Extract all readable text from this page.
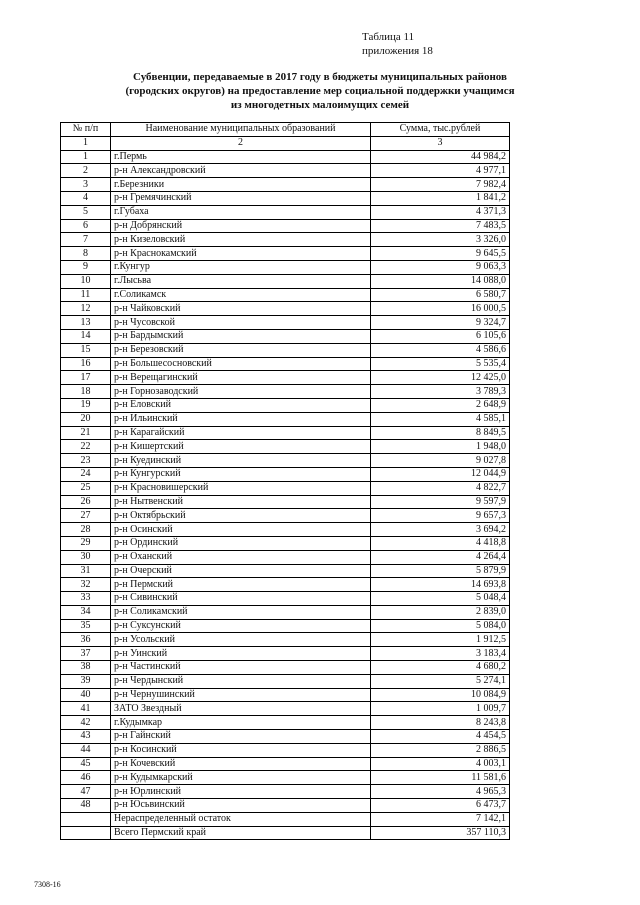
Таблица 11
приложения 18
Субвенции, передаваемые в 2017 году в бюджеты муниципальных районов
(городских округов) на предоставление мер социальной поддержки учащимся
из многодетных малоимущих семей
№ п/п	Наименование муниципальных образований	Сумма, тыс.рублей
1	2	3
1	г.Пермь	44 984,2
2	р-н Александровский	4 977,1
3	г.Березники	7 982,4
4	р-н Гремячинский	1 841,2
5	г.Губаха	4 371,3
6	р-н Добрянский	7 483,5
7	р-н Кизеловский	3 326,0
8	р-н Краснокамский	9 645,5
9	г.Кунгур	9 063,3
10	г.Лысьва	14 088,0
11	г.Соликамск	6 580,7
12	р-н Чайковский	16 000,5
13	р-н Чусовской	9 324,7
14	р-н Бардымский	6 105,6
15	р-н Березовский	4 586,6
16	р-н Большесосновский	5 535,4
17	р-н Верещагинский	12 425,0
18	р-н Горнозаводский	3 789,3
19	р-н Еловский	2 648,9
20	р-н Ильинский	4 585,1
21	р-н Карагайский	8 849,5
22	р-н Кишертский	1 948,0
23	р-н Куединский	9 027,8
24	р-н Кунгурский	12 044,9
25	р-н Красновишерский	4 822,7
26	р-н Нытвенский	9 597,9
27	р-н Октябрьский	9 657,3
28	р-н Осинский	3 694,2
29	р-н Ординский	4 418,8
30	р-н Оханский	4 264,4
31	р-н Очерский	5 879,9
32	р-н Пермский	14 693,8
33	р-н Сивинский	5 048,4
34	р-н Соликамский	2 839,0
35	р-н Суксунский	5 084,0
36	р-н Усольский	1 912,5
37	р-н Уинский	3 183,4
38	р-н Частинский	4 680,2
39	р-н Чердынский	5 274,1
40	р-н Чернушинский	10 084,9
41	ЗАТО Звездный	1 009,7
42	г.Кудымкар	8 243,8
43	р-н Гайнский	4 454,5
44	р-н Косинский	2 886,5
45	р-н Кочевский	4 003,1
46	р-н Кудымкарский	11 581,6
47	р-н Юрлинский	4 965,3
48	р-н Юсьвинский	6 473,7
	Нераспределенный остаток	7 142,1
	Всего Пермский край	357 110,3
7308-16
